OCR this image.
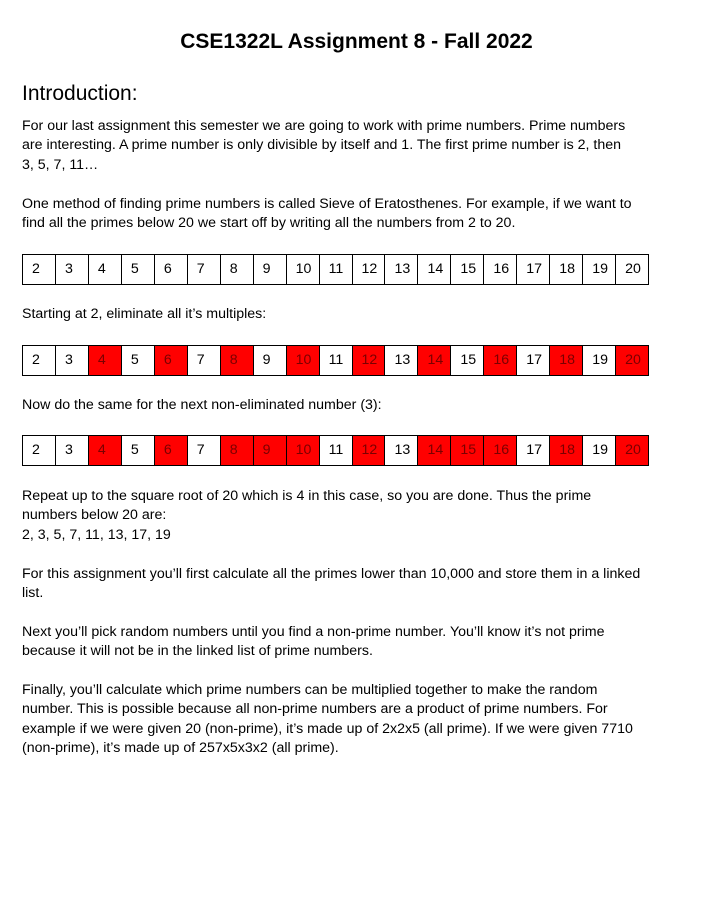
CSE1322L Assignment 8 - Fall 2022
Introduction:

For our last assignment this semester we are going to work with prime numbers. Prime numbers
are interesting. A prime number is only divisible by itself and 1. The first prime number is 2, then
3, 5, 7, 11…

One method of finding prime numbers is called Sieve of Eratosthenes. For example, if we want to
find all the primes below 20 we start off by writing all the numbers from 2 to 20.

2	3	4	5	6	7	8	9	10	11	12	13	14	15	16	17	18	19	20

Starting at 2, eliminate all it’s multiples:

2	3	4	5	6	7	8	9	10	11	12	13	14	15	16	17	18	19	20

Now do the same for the next non-eliminated number (3):

2	3	4	5	6	7	8	9	10	11	12	13	14	15	16	17	18	19	20

Repeat up to the square root of 20 which is 4 in this case, so you are done. Thus the prime
numbers below 20 are:
2, 3, 5, 7, 11, 13, 17, 19

For this assignment you’ll first calculate all the primes lower than 10,000 and store them in a linked
list.

Next you’ll pick random numbers until you find a non-prime number. You’ll know it’s not prime
because it will not be in the linked list of prime numbers.

Finally, you’ll calculate which prime numbers can be multiplied together to make the random
number. This is possible because all non-prime numbers are a product of prime numbers. For
example if we were given 20 (non-prime), it’s made up of 2x2x5 (all prime). If we were given 7710
(non-prime), it’s made up of 257x5x3x2 (all prime).
